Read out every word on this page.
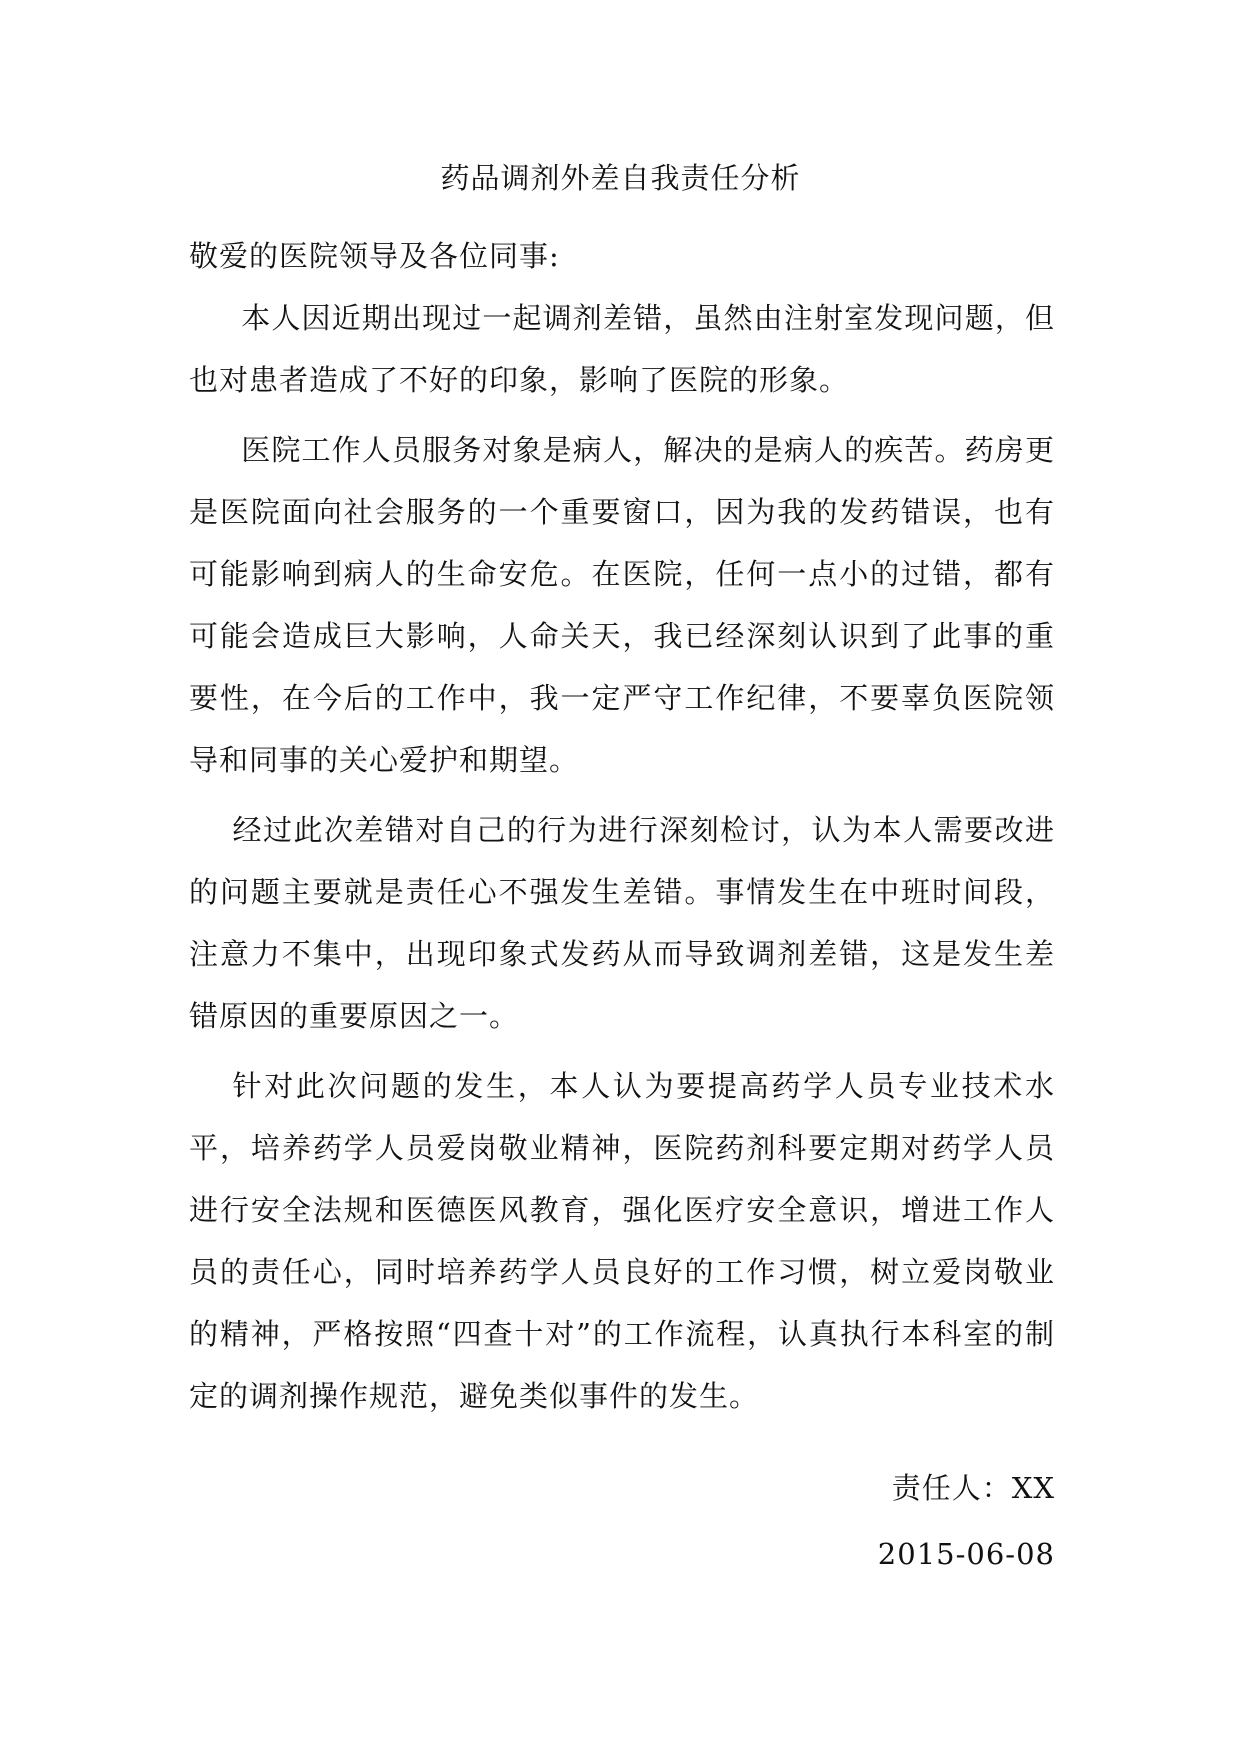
药品调剂外差自我责任分析

敬爱的医院领导及各位同事:

本人因近期出现过一起调剂差错，虽然由注射室发现问题，但也对患者造成了不好的印象，影响了医院的形象。

医院工作人员服务对象是病人，解决的是病人的疾苦。药房更是医院面向社会服务的一个重要窗口，因为我的发药错误，也有可能影响到病人的生命安危。在医院，任何一点小的过错，都有可能会造成巨大影响，人命关天，我已经深刻认识到了此事的重要性，在今后的工作中，我一定严守工作纪律，不要辜负医院领导和同事的关心爱护和期望。

经过此次差错对自己的行为进行深刻检讨，认为本人需要改进的问题主要就是责任心不强发生差错。事情发生在中班时间段，注意力不集中，出现印象式发药从而导致调剂差错，这是发生差错原因的重要原因之一。

针对此次问题的发生，本人认为要提高药学人员专业技术水平，培养药学人员爱岗敬业精神，医院药剂科要定期对药学人员进行安全法规和医德医风教育，强化医疗安全意识，增进工作人员的责任心，同时培养药学人员良好的工作习惯，树立爱岗敬业的精神，严格按照“四查十对”的工作流程，认真执行本科室的制定的调剂操作规范，避免类似事件的发生。

责任人：XX
2015-06-08
